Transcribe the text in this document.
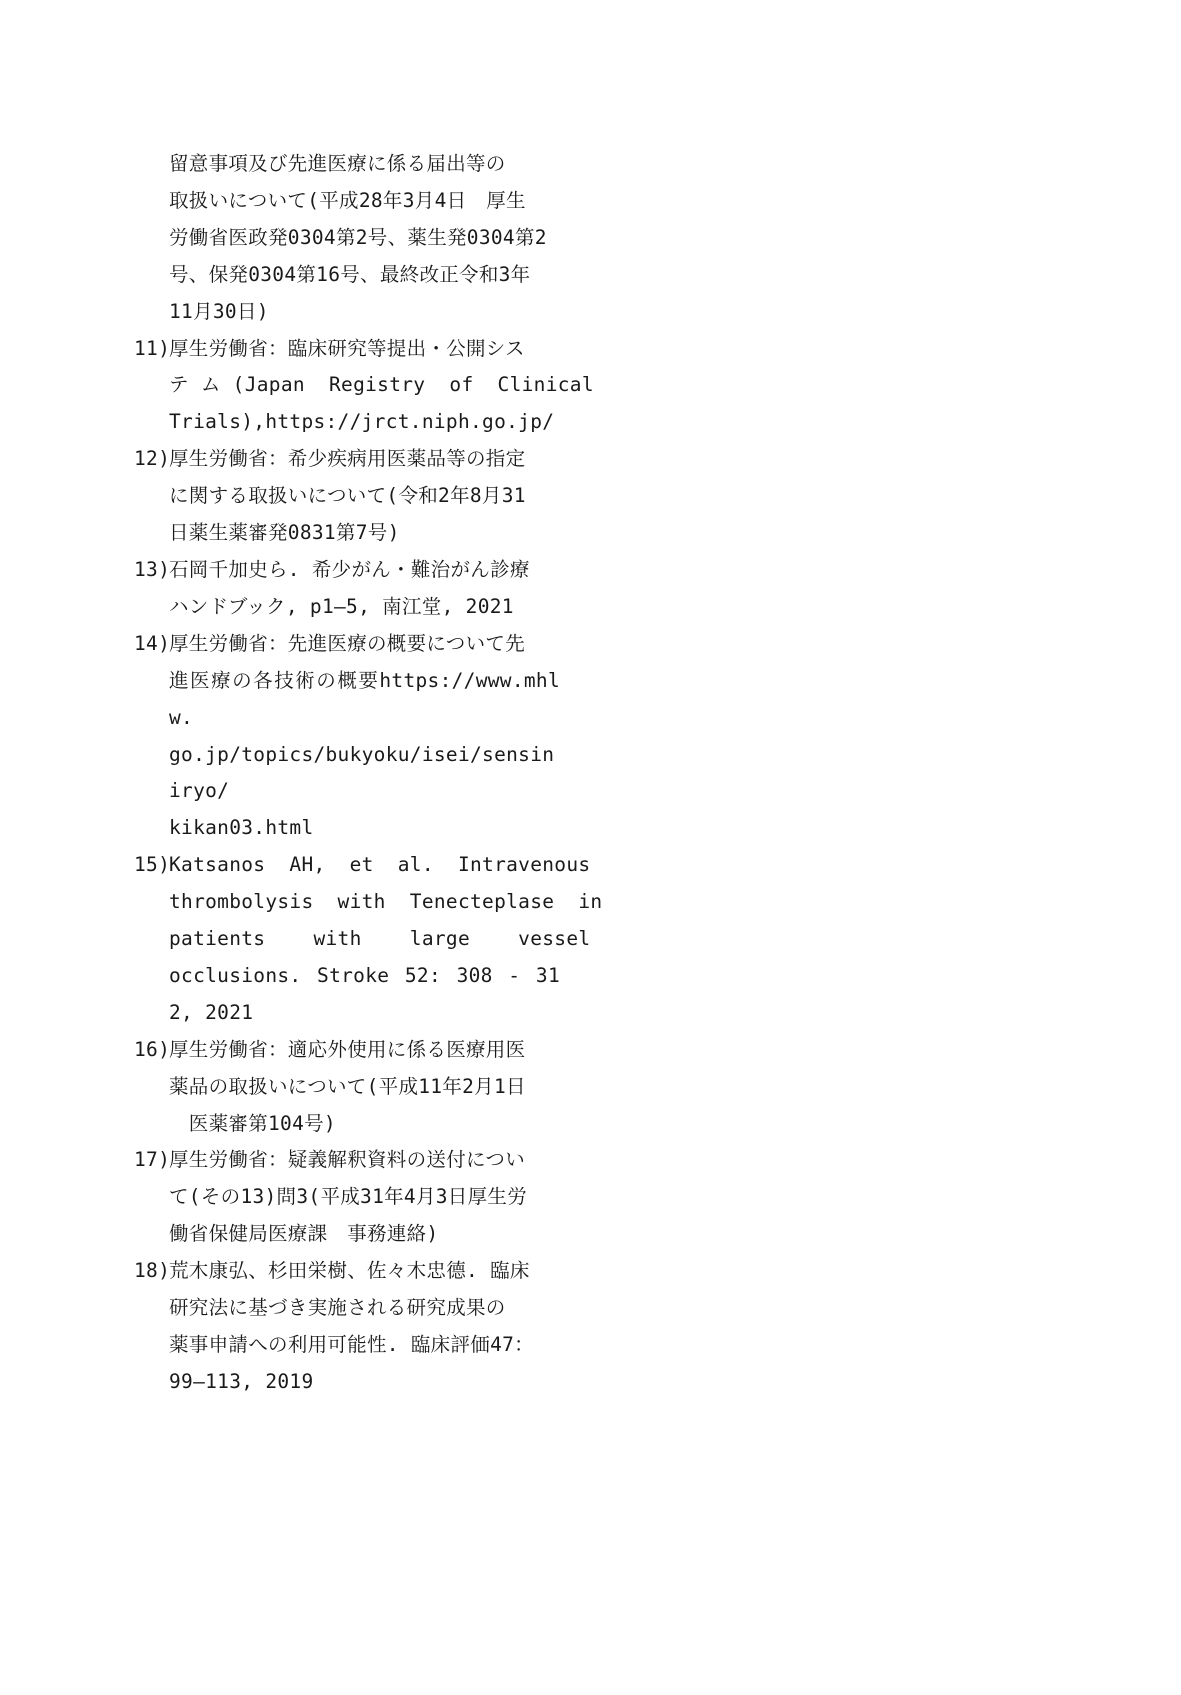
留意事項及び先進医療に係る届出等の
取扱いについて(平成28年3月4日　厚生
労働省医政発0304第2号、薬生発0304第2
号、保発0304第16号、最終改正令和3年
11月30日)
11)
厚生労働省：臨床研究等提出・公開シス
テ ム (Japan  Registry  of  Clinical
Trials),https://jrct.niph.go.jp/
12)
厚生労働省：希少疾病用医薬品等の指定
に関する取扱いについて(令和2年8月31
日薬生薬審発0831第7号)
13)
石岡千加史ら. 希少がん・難治がん診療
ハンドブック, p1―5, 南江堂, 2021
14)
厚生労働省：先進医療の概要について先
進医療の各技術の概要https://www.mhlw.
go.jp/topics/bukyoku/isei/sensiniryo/
kikan03.html
15)
Katsanos  AH,  et  al.  Intravenous
thrombolysis  with  Tenecteplase  in
patients    with    large    vessel
occlusions. Stroke 52: 308 - 312, 2021
16)
厚生労働省：適応外使用に係る医療用医
薬品の取扱いについて(平成11年2月1日
　医薬審第104号)
17)
厚生労働省：疑義解釈資料の送付につい
て(その13)問3(平成31年4月3日厚生労
働省保健局医療課　事務連絡)
18)
荒木康弘、杉田栄樹、佐々木忠德. 臨床
研究法に基づき実施される研究成果の
薬事申請への利用可能性. 臨床評価47：
99―113, 2019
